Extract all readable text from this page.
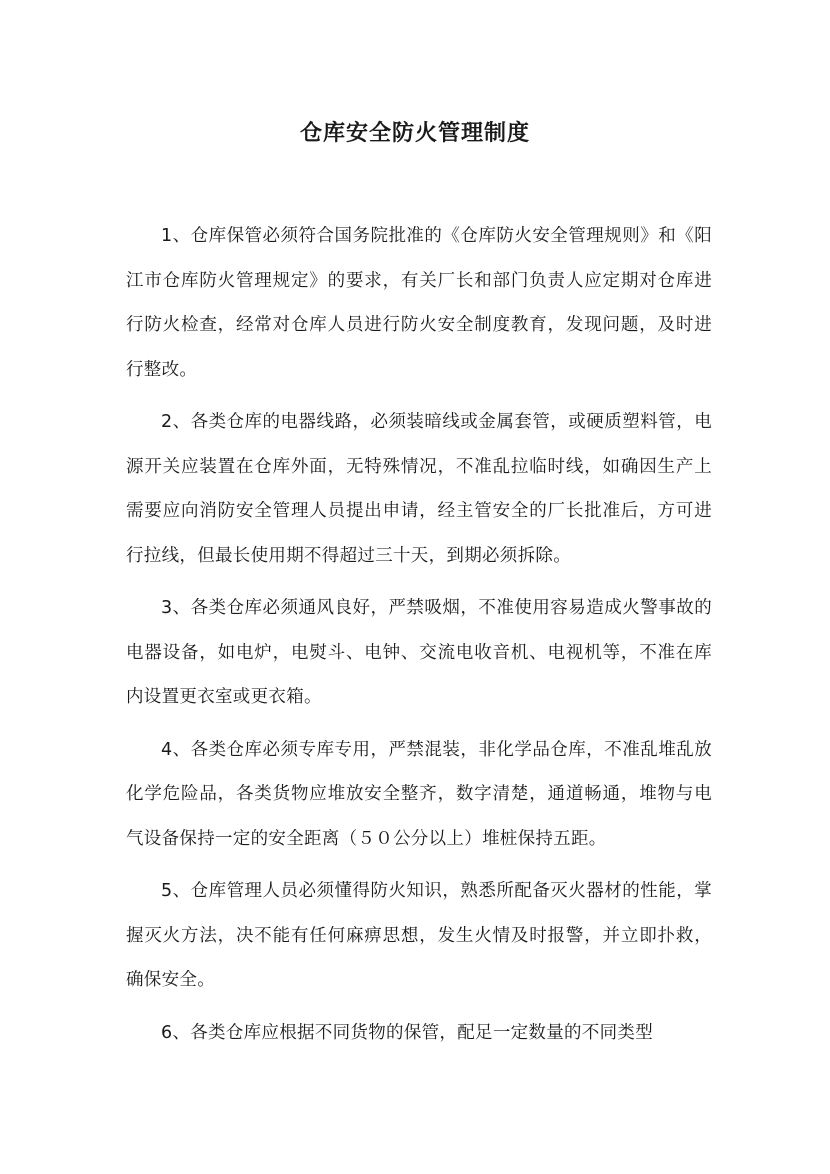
仓库安全防火管理制度

1、仓库保管必须符合国务院批准的《仓库防火安全管理规则》和《阳江市仓库防火管理规定》的要求，有关厂长和部门负责人应定期对仓库进行防火检查，经常对仓库人员进行防火安全制度教育，发现问题，及时进行整改。

2、各类仓库的电器线路，必须装暗线或金属套管，或硬质塑料管，电源开关应装置在仓库外面，无特殊情况，不准乱拉临时线，如确因生产上需要应向消防安全管理人员提出申请，经主管安全的厂长批准后，方可进行拉线，但最长使用期不得超过三十天，到期必须拆除。

3、各类仓库必须通风良好，严禁吸烟，不准使用容易造成火警事故的电器设备，如电炉，电熨斗、电钟、交流电收音机、电视机等，不准在库内设置更衣室或更衣箱。

4、各类仓库必须专库专用，严禁混装，非化学品仓库，不准乱堆乱放化学危险品，各类货物应堆放安全整齐，数字清楚，通道畅通，堆物与电气设备保持一定的安全距离（５０公分以上）堆桩保持五距。

5、仓库管理人员必须懂得防火知识，熟悉所配备灭火器材的性能，掌握灭火方法，决不能有任何麻痹思想，发生火情及时报警，并立即扑救，确保安全。

6、各类仓库应根据不同货物的保管，配足一定数量的不同类型
